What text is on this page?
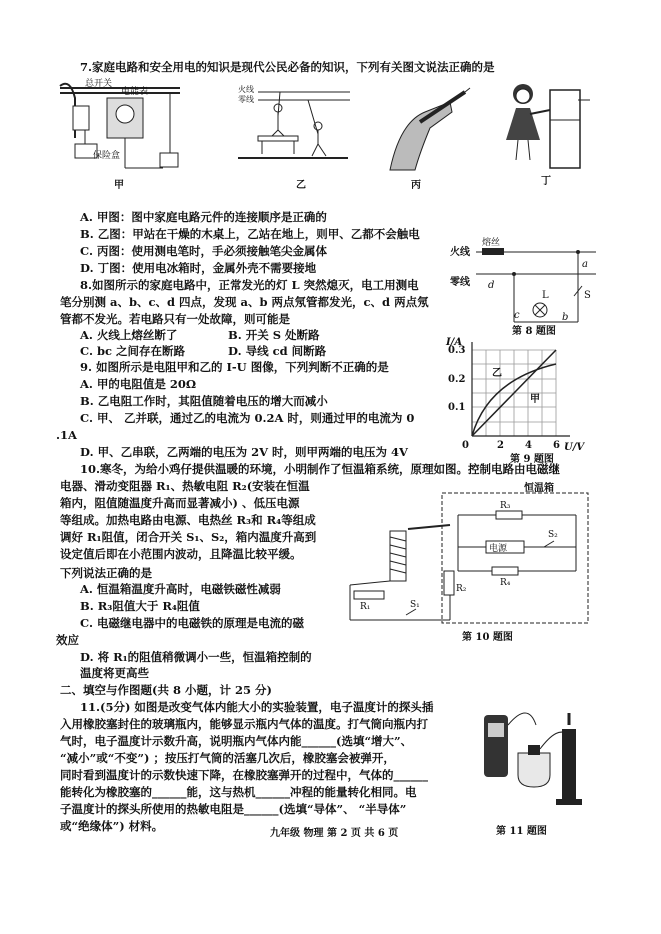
7.家庭电路和安全用电的知识是现代公民必备的知识，下列有关图文说法正确的是
总开关
电能表
保险盒
甲
火线
零线
乙	丙	丁
A. 甲图：图中家庭电路元件的连接顺序是正确的
B. 乙图：甲站在干燥的木桌上，乙站在地上，则甲、乙都不会触电
C. 丙图：使用测电笔时，手必须接触笔尖金属体
D. 丁图：使用电冰箱时，金属外壳不需要接地
8.如图所示的家庭电路中，正常发光的灯 L 突然熄灭，电工用测电
笔分别测 a、b、c、d 四点，发现 a、b 两点氖管都发光，c、d 两点氖
管都不发光。若电路只有一处故障，则可能是
A. 火线上熔丝断了	B. 开关 S 处断路
C. bc 之间存在断路	D. 导线 cd 间断路
火线
零线
熔丝
d
a
S
L
c	b
第 8 题图
9. 如图所示是电阻甲和乙的 I-U 图像，下列判断不正确的是
A. 甲的电阻值是 20Ω
B. 乙电阻工作时，其阻值随着电压的增大而减小
C. 甲、 乙并联，通过乙的电流为 0.2A 时，则通过甲的电流为 0
.1A
D. 甲、乙串联，乙两端的电压为 2V 时，则甲两端的电压为 4V
I/A
U/V
0.3
0.2
0.1
0	2 4 6
乙
甲
第 9 题图
10.寒冬，为给小鸡仔提供温暖的环境，小明制作了恒温箱系统，原理如图。控制电路由电磁继
电器、滑动变阻器 R₁、热敏电阻 R₂(安装在恒温
箱内，阻值随温度升高而显著减小) 、低压电源
等组成。加热电路由电源、电热丝 R₃和 R₄等组成
调好 R₁阻值，闭合开关 S₁、S₂，箱内温度升高到
设定值后即在小范围内波动，且降温比较平缓。
下列说法正确的是
A. 恒温箱温度升高时，电磁铁磁性减弱
B. R₃阻值大于 R₄阻值
C. 电磁继电器中的电磁铁的原理是电流的磁
效应
D. 将 R₁的阻值稍微调小一些，恒温箱控制的
温度将更高些
恒温箱
R₃
电源
S₂
R₄
R₂
R₁	S₁
第 10 题图
二、填空与作图题(共 8 小题，计 25 分)
11.(5分) 如图是改变气体内能大小的实验装置，电子温度计的探头插
入用橡胶塞封住的玻璃瓶内，能够显示瓶内气体的温度。打气筒向瓶内打
气时，电子温度计示数升高，说明瓶内气体内能______(选填“增大”、
“减小”或“不变”) ；按压打气筒的活塞几次后，橡胶塞会被弹开，
同时看到温度计的示数快速下降，在橡胶塞弹开的过程中，气体的______
能转化为橡胶塞的______能，这与热机______冲程的能量转化相同。电
子温度计的探头所使用的热敏电阻是______(选填“导体”、 “半导体”
或“绝缘体”) 材料。	第 11 题图
九年级 物理 第 2 页 共 6 页
